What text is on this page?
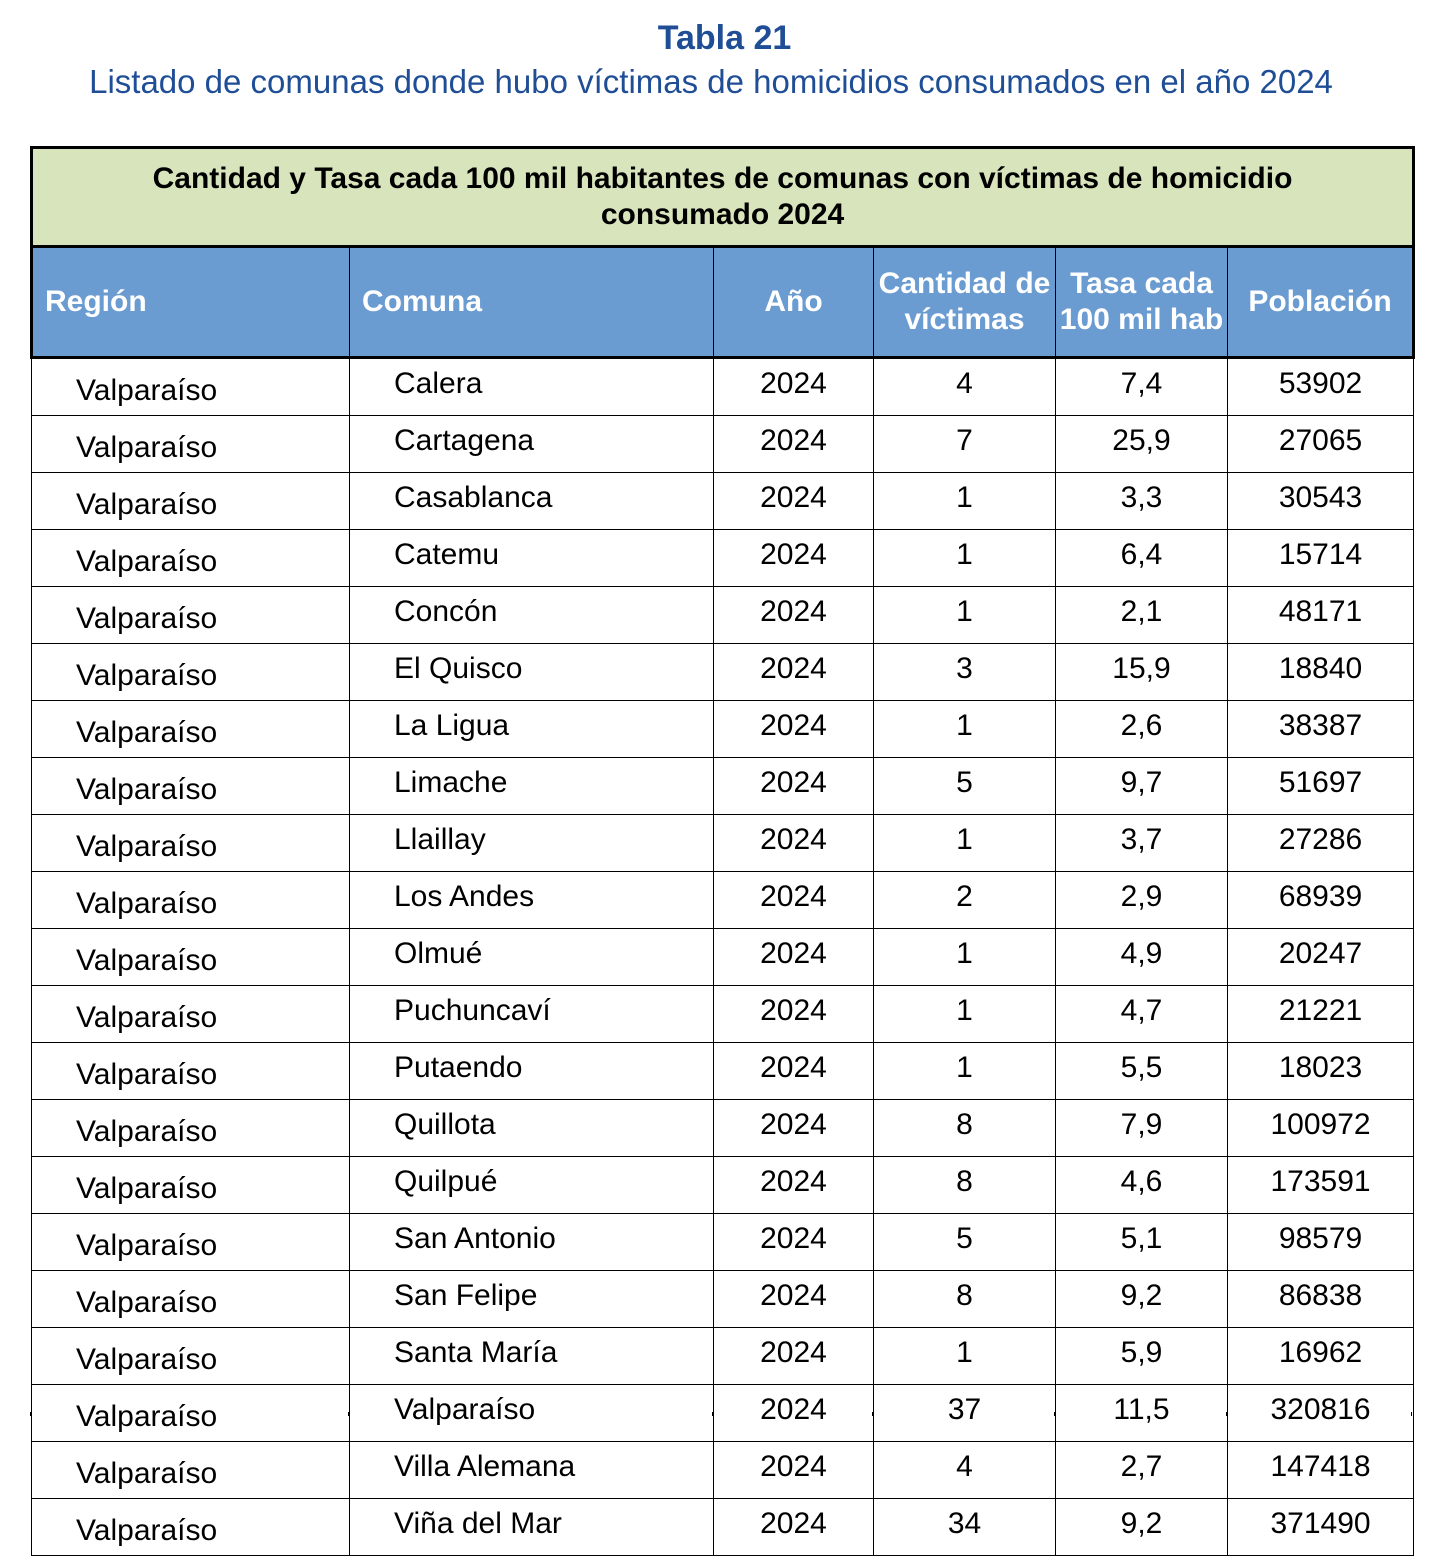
Tabla 21
Listado de comunas donde hubo víctimas de homicidios consumados en el año 2024
Cantidad y Tasa cada 100 mil habitantes de comunas con víctimas de homicidio consumado 2024					
Región	Comuna	Año	Cantidad de víctimas	Tasa cada 100 mil hab	Población
Valparaíso	Calera	2024	4	7,4	53902
Valparaíso	Cartagena	2024	7	25,9	27065
Valparaíso	Casablanca	2024	1	3,3	30543
Valparaíso	Catemu	2024	1	6,4	15714
Valparaíso	Concón	2024	1	2,1	48171
Valparaíso	El Quisco	2024	3	15,9	18840
Valparaíso	La Ligua	2024	1	2,6	38387
Valparaíso	Limache	2024	5	9,7	51697
Valparaíso	Llaillay	2024	1	3,7	27286
Valparaíso	Los Andes	2024	2	2,9	68939
Valparaíso	Olmué	2024	1	4,9	20247
Valparaíso	Puchuncaví	2024	1	4,7	21221
Valparaíso	Putaendo	2024	1	5,5	18023
Valparaíso	Quillota	2024	8	7,9	100972
Valparaíso	Quilpué	2024	8	4,6	173591
Valparaíso	San Antonio	2024	5	5,1	98579
Valparaíso	San Felipe	2024	8	9,2	86838
Valparaíso	Santa María	2024	1	5,9	16962
Valparaíso	Valparaíso	2024	37	11,5	320816
Valparaíso	Villa Alemana	2024	4	2,7	147418
Valparaíso	Viña del Mar	2024	34	9,2	371490
